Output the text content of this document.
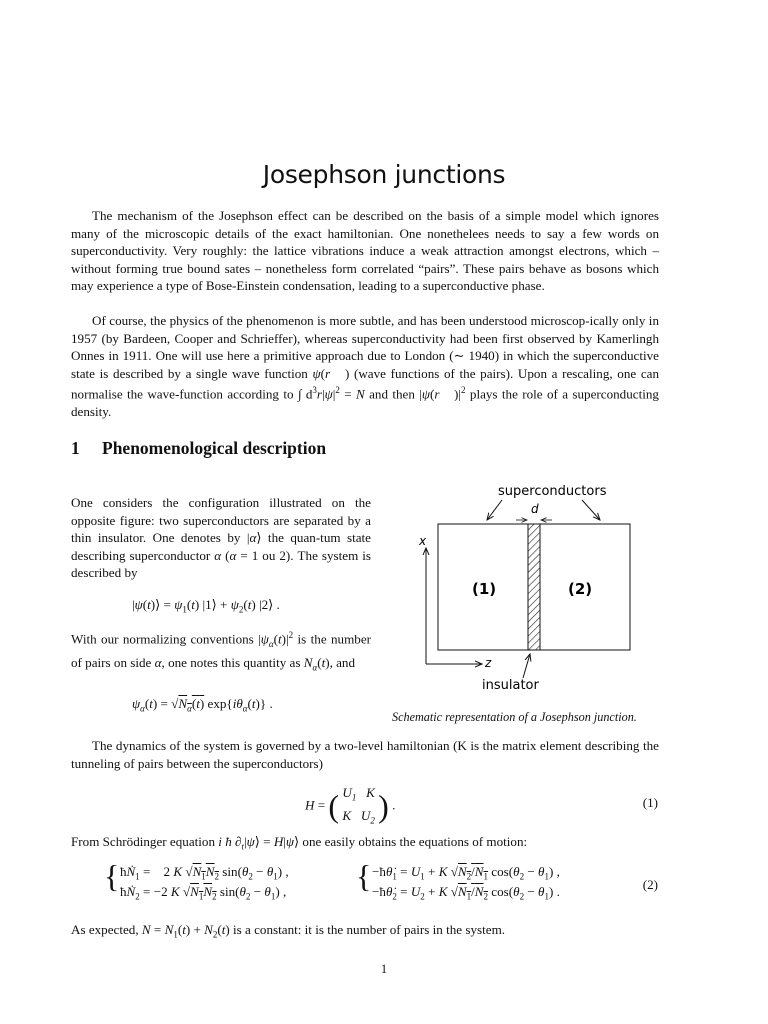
Josephson junctions

The mechanism of the Josephson effect can be described on the basis of a simple model which ignores many of the microscopic details of the exact hamiltonian. One nonethelees needs to say a few words on superconductivity. Very roughly: the lattice vibrations induce a weak attraction amongst electrons, which – without forming true bound sates – nonetheless form correlated “pairs”. These pairs behave as bosons which may experience a type of Bose-Einstein condensation, leading to a superconductive phase.

Of course, the physics of the phenomenon is more subtle, and has been understood microscop-ically only in 1957 (by Bardeen, Cooper and Schrieffer), whereas superconductivity had been first observed by Kamerlingh Onnes in 1911. One will use here a primitive approach due to London (∼ 1940) in which the superconductive state is described by a single wave function ψ(r⃗ ) (wave functions of the pairs). Upon a rescaling, one can normalise the wave-function according to ∫ $d^3r|\psi|^2 = N$ and then |ψ(r⃗ )$|^2$ plays the role of a superconducting density.

1 Phenomenological description

One considers the configuration illustrated on the opposite figure: two superconductors are separated by a thin insulator. One denotes by |α⟩ the quan-tum state describing superconductor α (α = 1 ou 2). The system is described by

|ψ(t)⟩ = $\psi_1(t)$ |1⟩ + $\psi_2(t)$ |2⟩ .

With our normalizing conventions $|\psi_\alpha(t)|^2$ is the number of pairs on side α, one notes this quantity as $N_\alpha(t)$, and

$\psi_\alpha(t) = √N_\alpha(t)$ $\exp\{i\theta_\alpha(t)\}$ .
superconductors
d
(1)	(2)
x
z
insulator
Schematic representation of a Josephson junction.

The dynamics of the system is governed by a two-level hamiltonian (K is the matrix element describing the tunneling of pairs between the superconductors)

H = ( $U_1$ K
K $U_2$ ) .	(1)

From Schrödinger equation i ħ $\partial_t|\psi⟩$ = H|ψ⟩ one easily obtains the equations of motion:

{ ħṄ$_1$ =    2 K $√N_1N_2$ $\sin(\theta_2 - \theta_1)$ ,
ħṄ$_2$ = −2 K $√N_1N_2$ $\sin(\theta_2 - \theta_1)$ , { $-ħ\thetȧ_1 = U_1 + K$ $√N_2/N_1$ $\cos(\theta_2 - \theta_1)$ ,
$-ħ\thetȧ_2 = U_2 + K$ $√N_1/N_2$ $\cos(\theta_2 - \theta_1)$ .	(2)

As expected, $N = N_1(t) + N_2(t)$ is a constant: it is the number of pairs in the system.

1
